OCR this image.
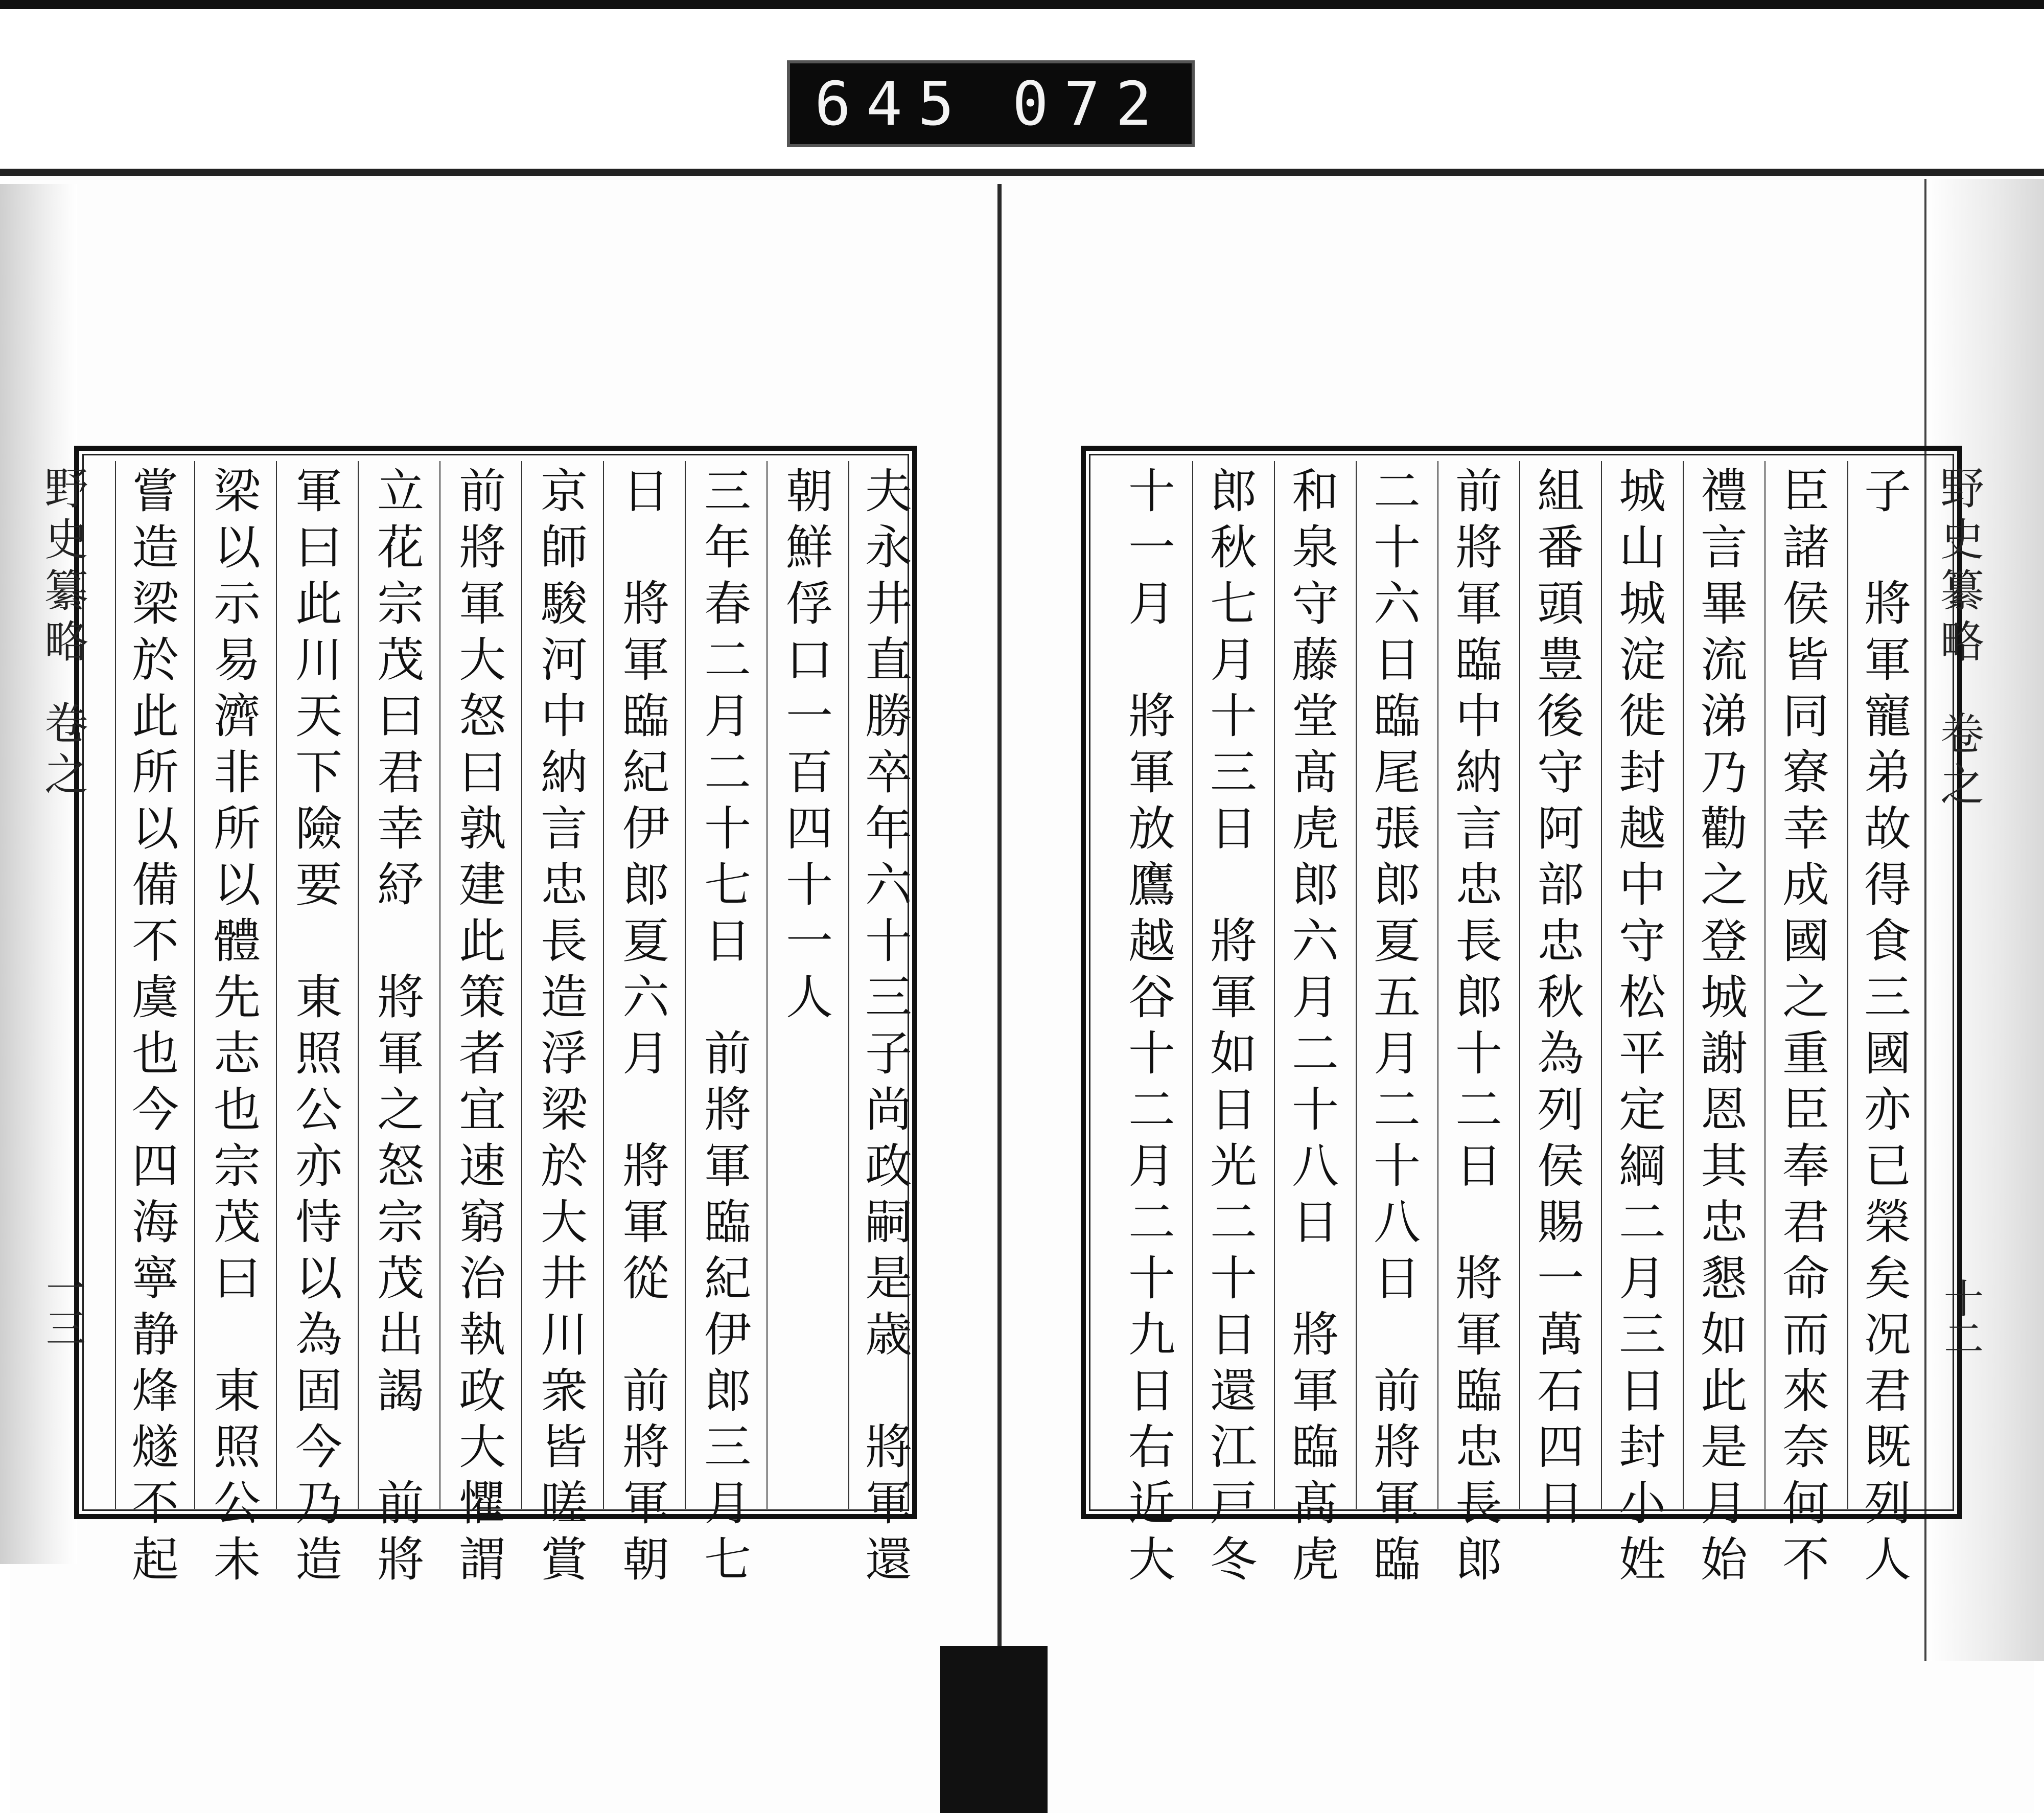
645 072
夫永井直勝卒年六十三子尚政嗣是歳　將軍還
朝鮮俘口一百四十一人
三年春二月二十七日　前將軍臨紀伊郎三月七
日　將軍臨紀伊郎夏六月　將軍從　前將軍朝
京師駿河中納言忠長造浮梁於大井川衆皆嗟賞
前將軍大怒曰孰建此策者宜速窮治執政大懼謂
立花宗茂曰君幸紓　將軍之怒宗茂出謁　前將
軍曰此川天下險要　東照公亦恃以為固今乃造
梁以示易濟非所以體先志也宗茂曰　東照公未
嘗造梁於此所以備不虞也今四海寧静烽燧不起
野史纂略
卷之
一三	子　將軍寵弟故得食三國亦已榮矣况君既列人
臣諸侯皆同寮幸成國之重臣奉君命而來奈何不
禮言畢流涕乃勸之登城謝恩其忠懇如此是月始
城山城淀徙封越中守松平定綱二月三日封小姓
組番頭豊後守阿部忠秋為列侯賜一萬石四日
前將軍臨中納言忠長郎十二日　將軍臨忠長郎
二十六日臨尾張郎夏五月二十八日　前將軍臨
和泉守藤堂髙虎郎六月二十八日　將軍臨髙虎
郎秋七月十三日　將軍如日光二十日還江戸冬
十一月　將軍放鷹越谷十二月二十九日右近大	野史纂略
卷之
十二
